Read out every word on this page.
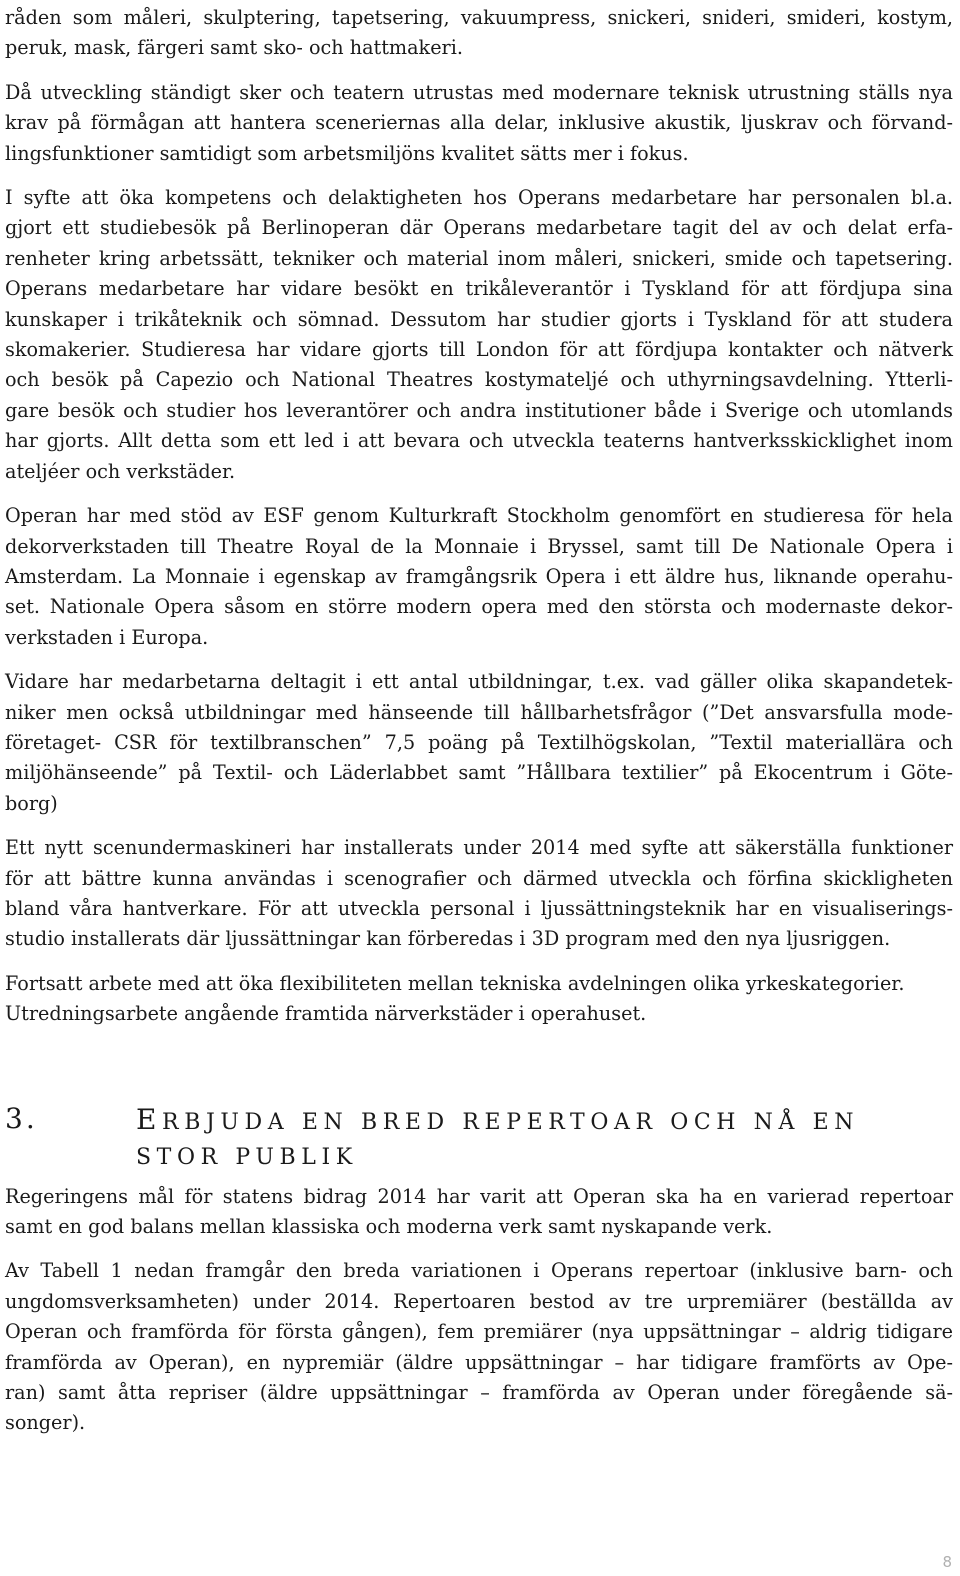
råden som måleri, skulptering, tapetsering, vakuumpress, snickeri, snideri, smideri, kostym,
peruk, mask, färgeri samt sko- och hattmakeri.

Då utveckling ständigt sker och teatern utrustas med modernare teknisk utrustning ställs nya
krav på förmågan att hantera sceneriernas alla delar, inklusive akustik, ljuskrav och förvand-
lingsfunktioner samtidigt som arbetsmiljöns kvalitet sätts mer i fokus.

I syfte att öka kompetens och delaktigheten hos Operans medarbetare har personalen bl.a.
gjort ett studiebesök på Berlinoperan där Operans medarbetare tagit del av och delat erfa-
renheter kring arbetssätt, tekniker och material inom måleri, snickeri, smide och tapetsering.
Operans medarbetare har vidare besökt en trikåleverantör i Tyskland för att fördjupa sina
kunskaper i trikåteknik och sömnad. Dessutom har studier gjorts i Tyskland för att studera
skomakerier. Studieresa har vidare gjorts till London för att fördjupa kontakter och nätverk
och besök på Capezio och National Theatres kostymateljé och uthyrningsavdelning. Ytterli-
gare besök och studier hos leverantörer och andra institutioner både i Sverige och utomlands
har gjorts. Allt detta som ett led i att bevara och utveckla teaterns hantverksskicklighet inom
ateljéer och verkstäder.

Operan har med stöd av ESF genom Kulturkraft Stockholm genomfört en studieresa för hela
dekorverkstaden till Theatre Royal de la Monnaie i Bryssel, samt till De Nationale Opera i
Amsterdam. La Monnaie i egenskap av framgångsrik Opera i ett äldre hus, liknande operahu-
set. Nationale Opera såsom en större modern opera med den största och modernaste dekor-
verkstaden i Europa.

Vidare har medarbetarna deltagit i ett antal utbildningar, t.ex. vad gäller olika skapandetek-
niker men också utbildningar med hänseende till hållbarhetsfrågor (”Det ansvarsfulla mode-
företaget- CSR för textilbranschen” 7,5 poäng på Textilhögskolan, ”Textil materiallära och
miljöhänseende” på Textil- och Läderlabbet samt ”Hållbara textilier” på Ekocentrum i Göte-
borg)

Ett nytt scenundermaskineri har installerats under 2014 med syfte att säkerställa funktioner
för att bättre kunna användas i scenografier och därmed utveckla och förfina skickligheten
bland våra hantverkare. För att utveckla personal i ljussättningsteknik har en visualiserings-
studio installerats där ljussättningar kan förberedas i 3D program med den nya ljusriggen.

Fortsatt arbete med att öka flexibiliteten mellan tekniska avdelningen olika yrkeskategorier.
Utredningsarbete angående framtida närverkstäder i operahuset.

3.	ERBJUDA EN BRED REPERTOAR OCH NÅ EN
STOR PUBLIK

Regeringens mål för statens bidrag 2014 har varit att Operan ska ha en varierad repertoar
samt en god balans mellan klassiska och moderna verk samt nyskapande verk.

Av Tabell 1 nedan framgår den breda variationen i Operans repertoar (inklusive barn- och
ungdomsverksamheten) under 2014. Repertoaren bestod av tre urpremiärer (beställda av
Operan och framförda för första gången), fem premiärer (nya uppsättningar – aldrig tidigare
framförda av Operan), en nypremiär (äldre uppsättningar – har tidigare framförts av Ope-
ran) samt åtta repriser (äldre uppsättningar – framförda av Operan under föregående sä-
songer).

8
